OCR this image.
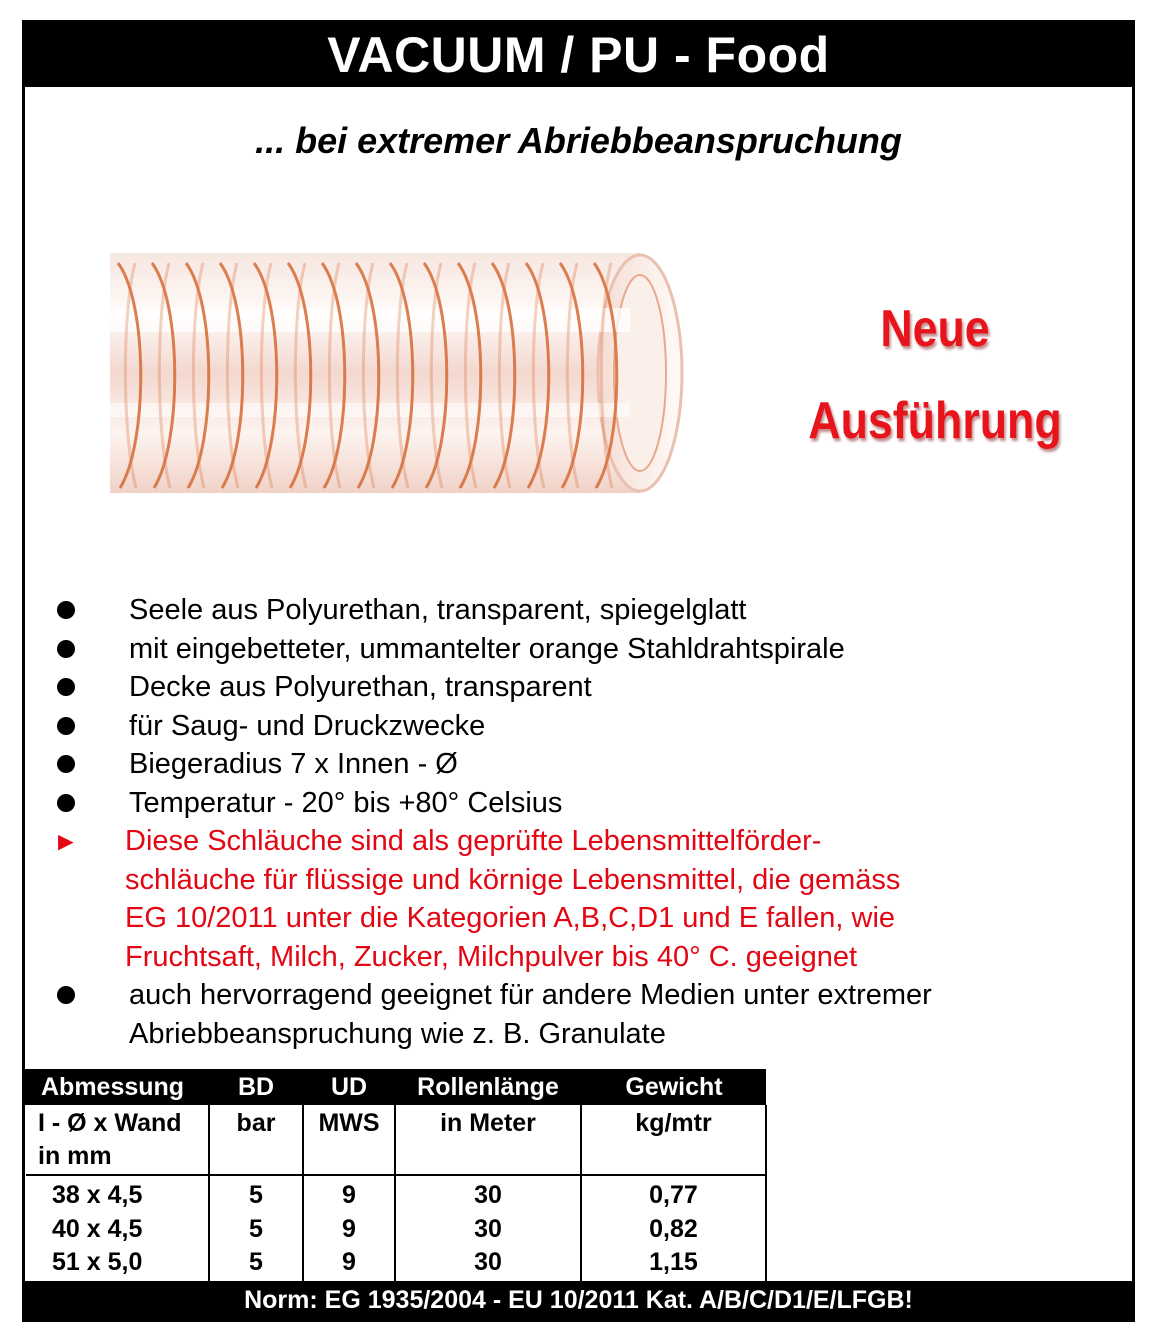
VACUUM / PU - Food
... bei extremer Abriebbeanspruchung
Neue
Ausführung
Seele aus Polyurethan, transparent, spiegelglatt
mit eingebetteter, ummantelter orange Stahldrahtspirale
Decke aus Polyurethan, transparent
für Saug- und Druckzwecke
Biegeradius 7 x Innen - Ø
Temperatur - 20° bis +80° Celsius
► Diese Schläuche sind als geprüfte Lebensmittelförder-
schläuche für flüssige und körnige Lebensmittel, die gemäss
EG 10/2011 unter die Kategorien A,B,C,D1 und E fallen, wie
Fruchtsaft, Milch, Zucker, Milchpulver bis 40° C. geeignet
auch hervorragend geeignet für andere Medien unter extremer
Abriebbeanspruchung wie z. B. Granulate
Abmessung	BD	UD	Rollenlänge	Gewicht

I - Ø x Wand
in mm	bar	MWS	in Meter	kg/mtr
38 x 4,5	5	9	30	0,77
40 x 4,5	5	9	30	0,82
51 x 5,0	5	9	30	1,15
Norm: EG 1935/2004 - EU 10/2011 Kat. A/B/C/D1/E/LFGB!
